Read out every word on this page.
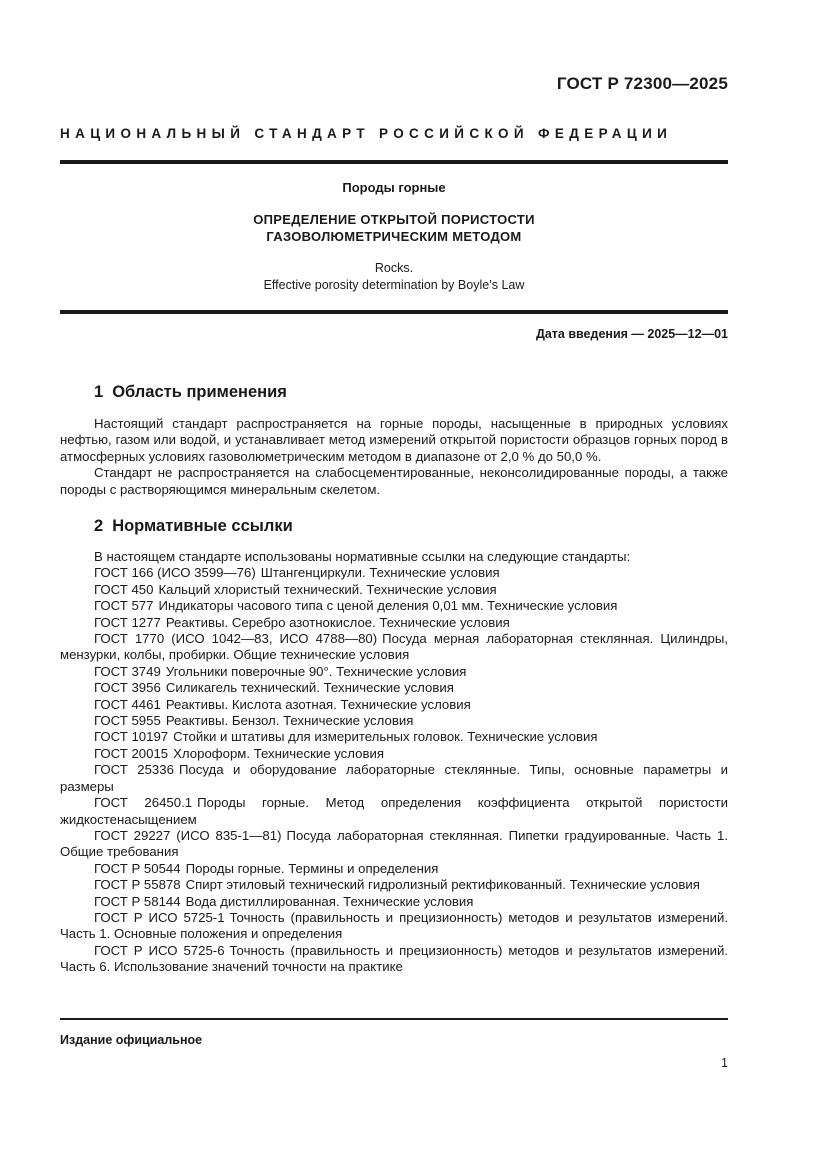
ГОСТ Р 72300—2025
НАЦИОНАЛЬНЫЙ СТАНДАРТ РОССИЙСКОЙ ФЕДЕРАЦИИ
Породы горные
ОПРЕДЕЛЕНИЕ ОТКРЫТОЙ ПОРИСТОСТИ
ГАЗОВОЛЮМЕТРИЧЕСКИМ МЕТОДОМ
Rocks.
Effective porosity determination by Boyle’s Law
Дата введения — 2025—12—01
1 Область применения

Настоящий стандарт распространяется на горные породы, насыщенные в природных условиях нефтью, газом или водой, и устанавливает метод измерений открытой пористости образцов горных пород в атмосферных условиях газоволюметрическим методом в диапазоне от 2,0 % до 50,0 %.

Стандарт не распространяется на слабосцементированные, неконсолидированные породы, а также породы с растворяющимся минеральным скелетом.

2 Нормативные ссылки

В настоящем стандарте использованы нормативные ссылки на следующие стандарты:

ГОСТ 166 (ИСО 3599—76) Штангенциркули. Технические условия

ГОСТ 450 Кальций хлористый технический. Технические условия

ГОСТ 577 Индикаторы часового типа с ценой деления 0,01 мм. Технические условия

ГОСТ 1277 Реактивы. Серебро азотнокислое. Технические условия

ГОСТ 1770 (ИСО 1042—83, ИСО 4788—80) Посуда мерная лабораторная стеклянная. Цилиндры, мензурки, колбы, пробирки. Общие технические условия

ГОСТ 3749 Угольники поверочные 90°. Технические условия

ГОСТ 3956 Силикагель технический. Технические условия

ГОСТ 4461 Реактивы. Кислота азотная. Технические условия

ГОСТ 5955 Реактивы. Бензол. Технические условия

ГОСТ 10197 Стойки и штативы для измерительных головок. Технические условия

ГОСТ 20015 Хлороформ. Технические условия

ГОСТ 25336 Посуда и оборудование лабораторные стеклянные. Типы, основные параметры и размеры

ГОСТ 26450.1 Породы горные. Метод определения коэффициента открытой пористости жидкостенасыщением

ГОСТ 29227 (ИСО 835-1—81) Посуда лабораторная стеклянная. Пипетки градуированные. Часть 1. Общие требования

ГОСТ Р 50544 Породы горные. Термины и определения

ГОСТ Р 55878 Спирт этиловый технический гидролизный ректификованный. Технические условия

ГОСТ Р 58144 Вода дистиллированная. Технические условия

ГОСТ Р ИСО 5725-1 Точность (правильность и прецизионность) методов и результатов измерений. Часть 1. Основные положения и определения

ГОСТ Р ИСО 5725-6 Точность (правильность и прецизионность) методов и результатов измерений. Часть 6. Использование значений точности на практике

Издание официальное
1
